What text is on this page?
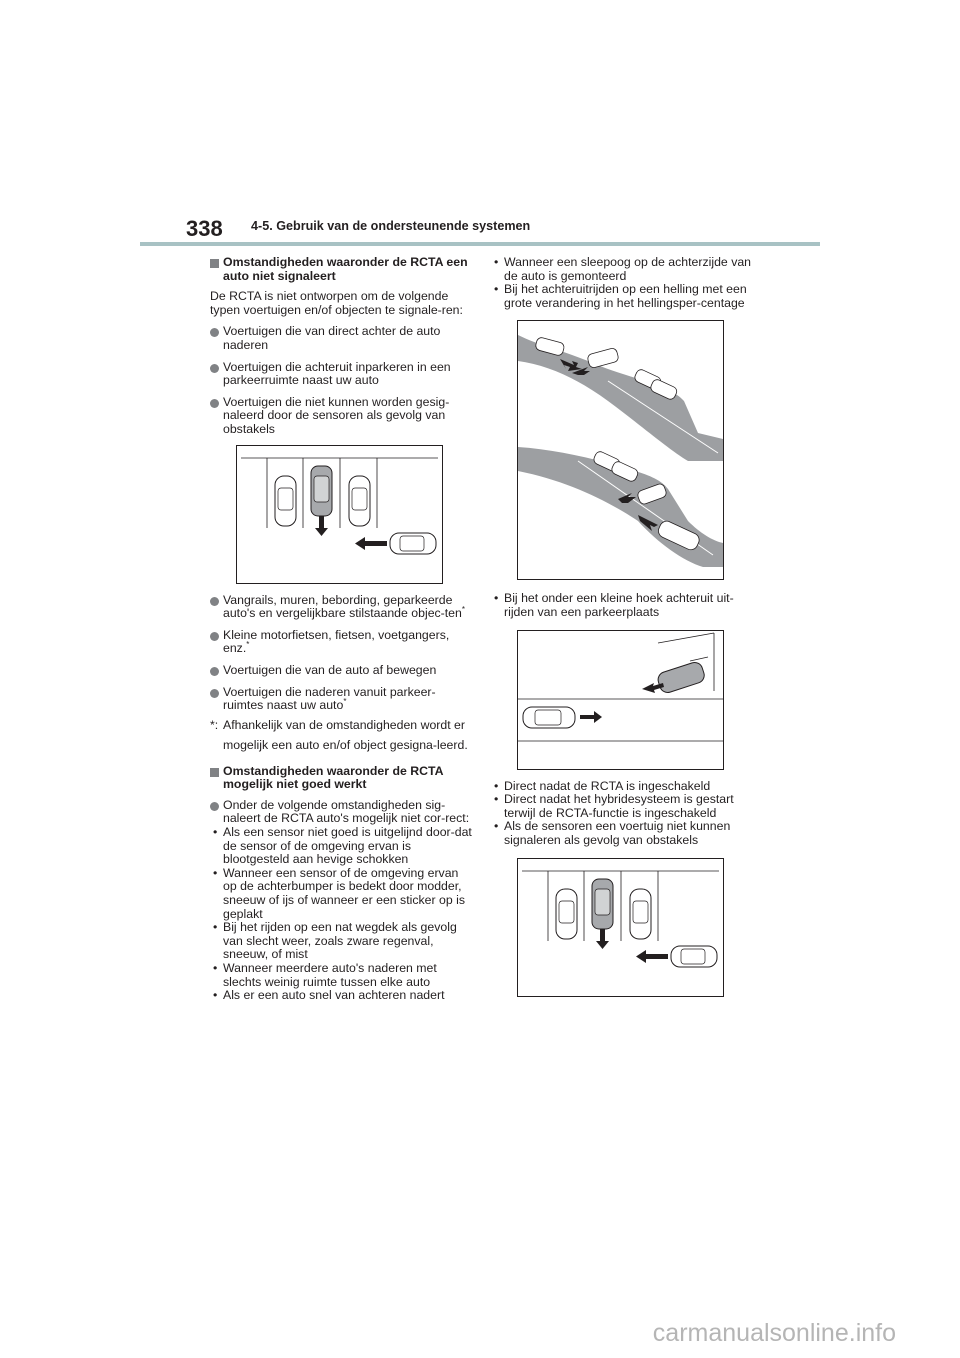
338 4-5. Gebruik van de ondersteunende systemen
Omstandigheden waaronder de RCTA een auto niet signaleert

De RCTA is niet ontworpen om de volgende typen voertuigen en/of objecten te signale-ren:

Voertuigen die van direct achter de auto naderen
Voertuigen die achteruit inparkeren in een parkeerruimte naast uw auto
Voertuigen die niet kunnen worden gesig-naleerd door de sensoren als gevolg van obstakels
Vangrails, muren, bebording, geparkeerde auto's en vergelijkbare stilstaande objec-ten*
Kleine motorfietsen, fietsen, voetgangers, enz.*
Voertuigen die van de auto af bewegen
Voertuigen die naderen vanuit parkeer-ruimtes naast uw auto*
*: Afhankelijk van de omstandigheden wordt er mogelijk een auto en/of object gesigna-leerd.
Omstandigheden waaronder de RCTA mogelijk niet goed werkt
Onder de volgende omstandigheden sig-naleert de RCTA auto's mogelijk niet cor-rect:
• Als een sensor niet goed is uitgelijnd door-dat de sensor of de omgeving ervan is blootgesteld aan hevige schokken
• Wanneer een sensor of de omgeving ervan op de achterbumper is bedekt door modder, sneeuw of ijs of wanneer er een sticker op is geplakt
• Bij het rijden op een nat wegdek als gevolg van slecht weer, zoals zware regenval, sneeuw, of mist
• Wanneer meerdere auto's naderen met slechts weinig ruimte tussen elke auto
• Als er een auto snel van achteren nadert
• Wanneer een sleepoog op de achterzijde van de auto is gemonteerd
• Bij het achteruitrijden op een helling met een grote verandering in het hellingsper-centage
• Bij het onder een kleine hoek achteruit uit-rijden van een parkeerplaats
• Direct nadat de RCTA is ingeschakeld
• Direct nadat het hybridesysteem is gestart terwijl de RCTA-functie is ingeschakeld
• Als de sensoren een voertuig niet kunnen signaleren als gevolg van obstakels
carmanualsonline.info
